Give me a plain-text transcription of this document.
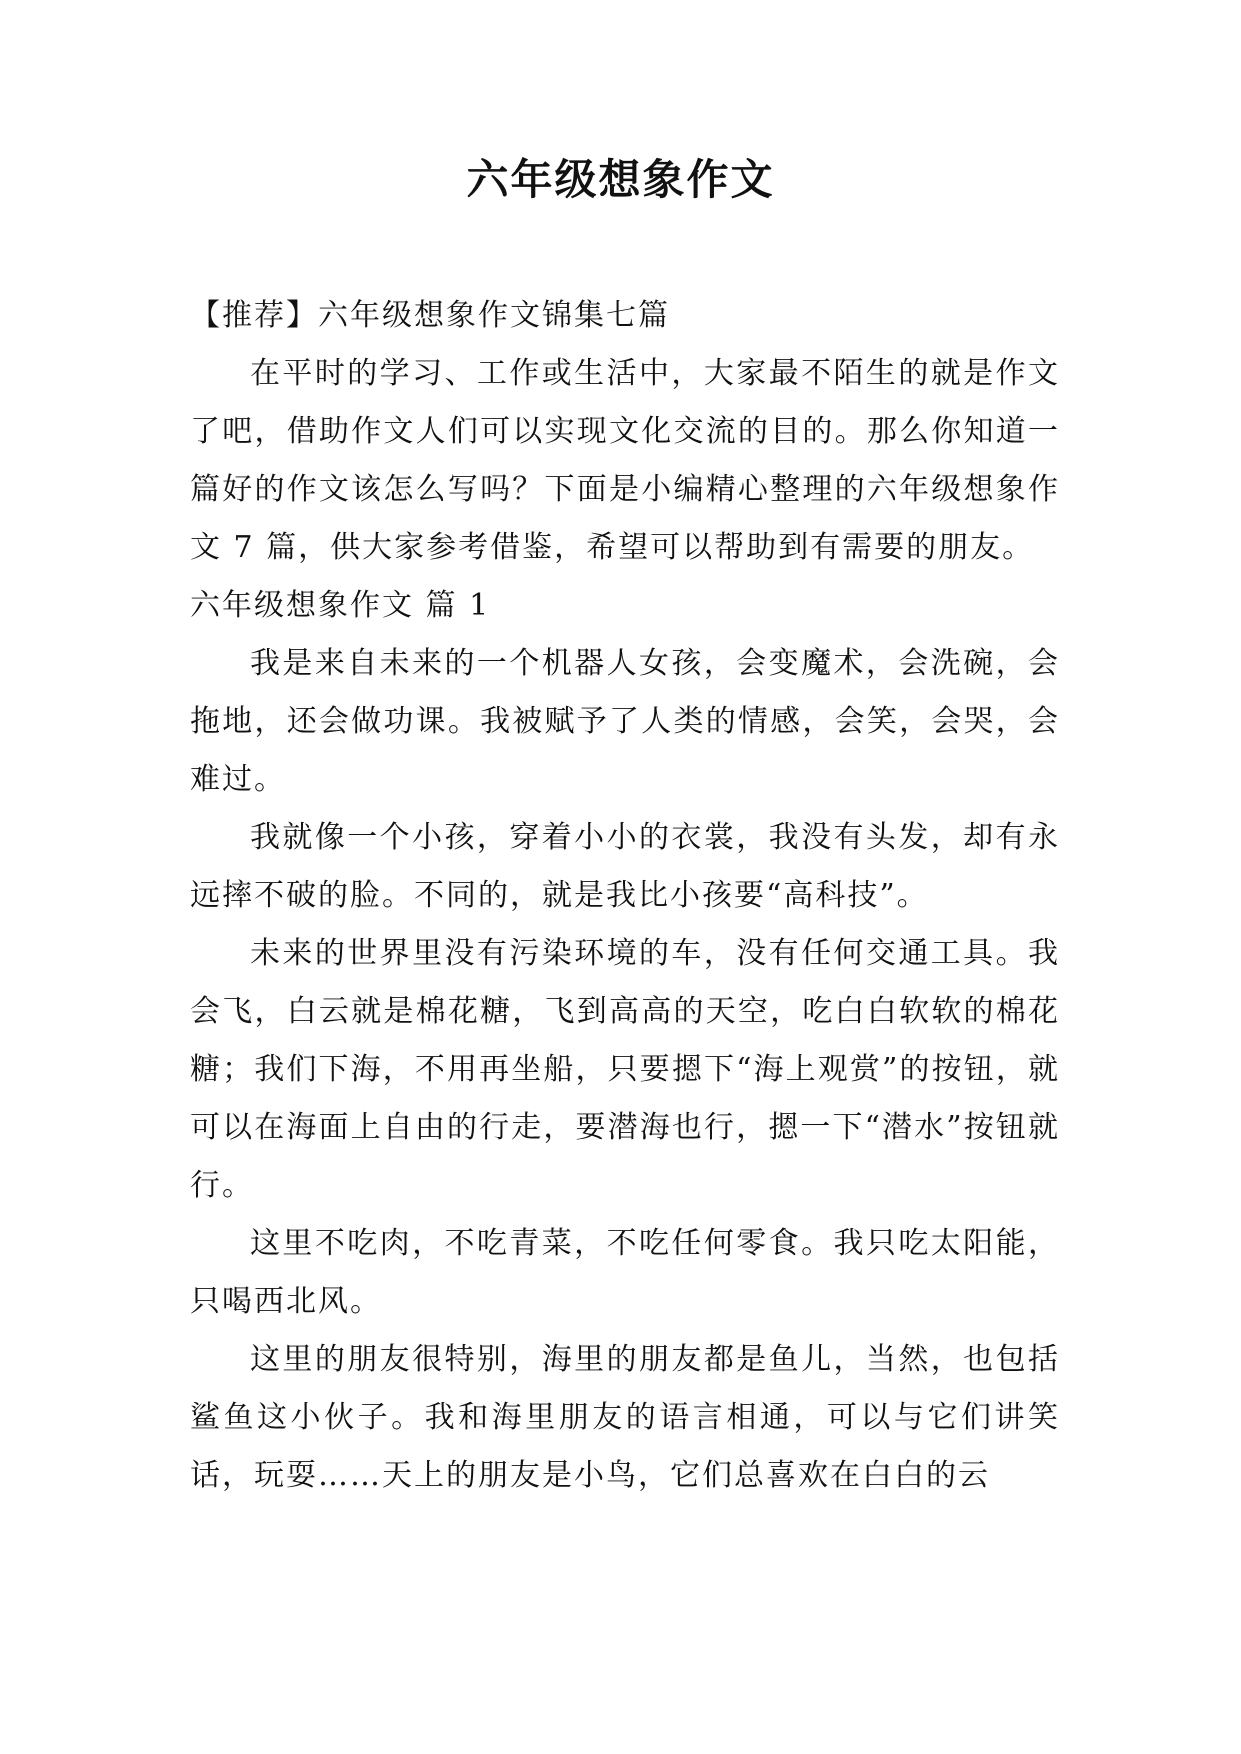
六年级想象作文

【推荐】六年级想象作文锦集七篇

在平时的学习、工作或生活中，大家最不陌生的就是作文了吧，借助作文人们可以实现文化交流的目的。那么你知道一篇好的作文该怎么写吗？下面是小编精心整理的六年级想象作文 7 篇，供大家参考借鉴，希望可以帮助到有需要的朋友。

六年级想象作文 篇 1

我是来自未来的一个机器人女孩，会变魔术，会洗碗，会拖地，还会做功课。我被赋予了人类的情感，会笑，会哭，会难过。

我就像一个小孩，穿着小小的衣裳，我没有头发，却有永远摔不破的脸。不同的，就是我比小孩要“高科技”。

未来的世界里没有污染环境的车，没有任何交通工具。我会飞，白云就是棉花糖，飞到高高的天空，吃白白软软的棉花糖；我们下海，不用再坐船，只要摁下“海上观赏”的按钮，就可以在海面上自由的行走，要潜海也行，摁一下“潜水”按钮就行。

这里不吃肉，不吃青菜，不吃任何零食。我只吃太阳能，只喝西北风。

这里的朋友很特别，海里的朋友都是鱼儿，当然，也包括鲨鱼这小伙子。我和海里朋友的语言相通，可以与它们讲笑话，玩耍……天上的朋友是小鸟，它们总喜欢在白白的云
